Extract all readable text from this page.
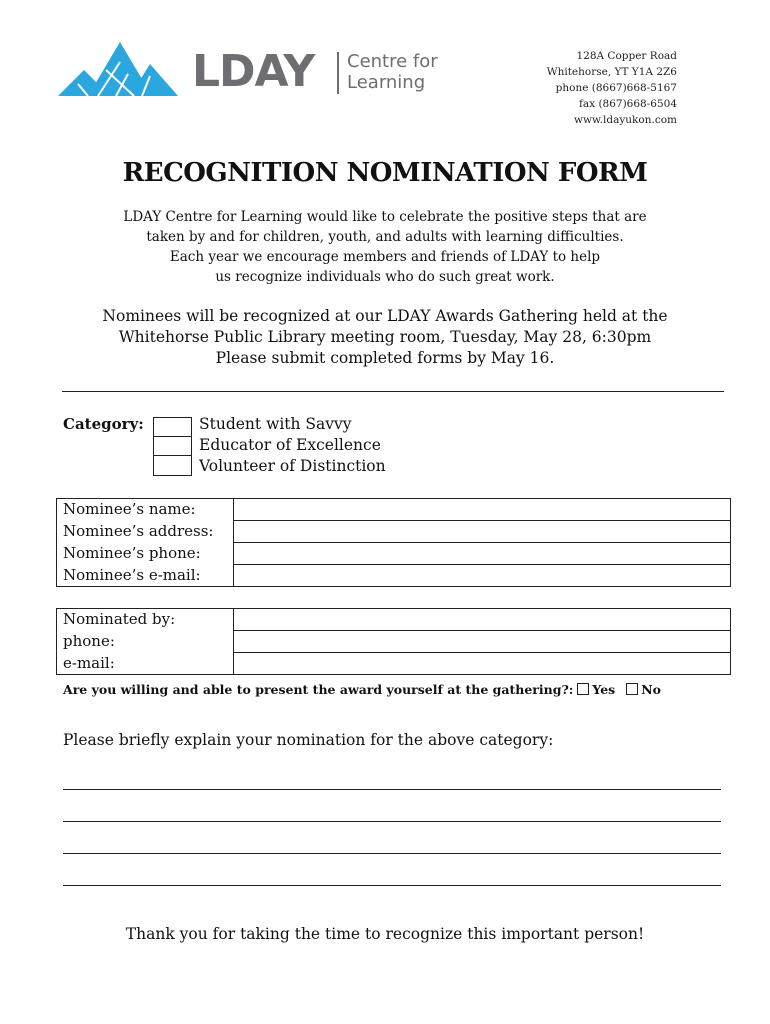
LDAY Centre for
Learning
128A Copper Road
Whitehorse, YT Y1A 2Z6
phone (8667)668-5167
fax (867)668-6504
www.ldayukon.com
RECOGNITION NOMINATION FORM
LDAY Centre for Learning would like to celebrate the positive steps that are
taken by and for children, youth, and adults with learning difficulties.
Each year we encourage members and friends of LDAY to help
us recognize individuals who do such great work.
Nominees will be recognized at our LDAY Awards Gathering held at the
Whitehorse Public Library meeting room, Tuesday, May 28, 6:30pm
Please submit completed forms by May 16.
Category:	Student with Savvy
Educator of Excellence
Volunteer of Distinction
Nominee’s name:	
Nominee’s address:	
Nominee’s phone:	
Nominee’s e-mail:	
Nominated by:	
phone:	
e-mail:	
Are you willing and able to present the award yourself at the gathering?: Yes No
Please briefly explain your nomination for the above category:
Thank you for taking the time to recognize this important person!
